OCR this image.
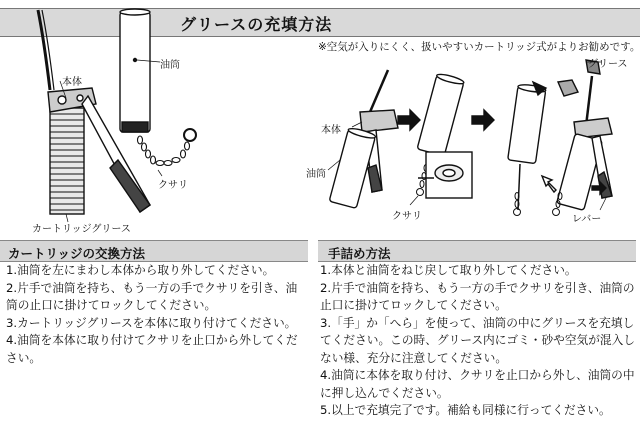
グリースの充填方法
※空気が入りにくく、扱いやすいカートリッジ式がよりお勧めです。
本体
油筒
クサリ
カートリッジグリース
本体
油筒
クサリ
グリース
レバー
カートリッジの交換方法
1.油筒を左にまわし本体から取り外してください。
2.片手で油筒を持ち、もう一方の手でクサリを引き、油筒の止口に掛けてロックしてください。
3.カートリッジグリースを本体に取り付けてください。
4.油筒を本体に取り付けてクサリを止口から外してください。
手詰め方法
1.本体と油筒をねじ戻して取り外してください。
2.片手で油筒を持ち、もう一方の手でクサリを引き、油筒の止口に掛けてロックしてください。
3.「手」か「へら」を使って、油筒の中にグリースを充填してください。この時、グリース内にゴミ・砂や空気が混入しない様、充分に注意してください。
4.油筒に本体を取り付け、クサリを止口から外し、油筒の中に押し込んでください。
5.以上で充填完了です。補給も同様に行ってください。
